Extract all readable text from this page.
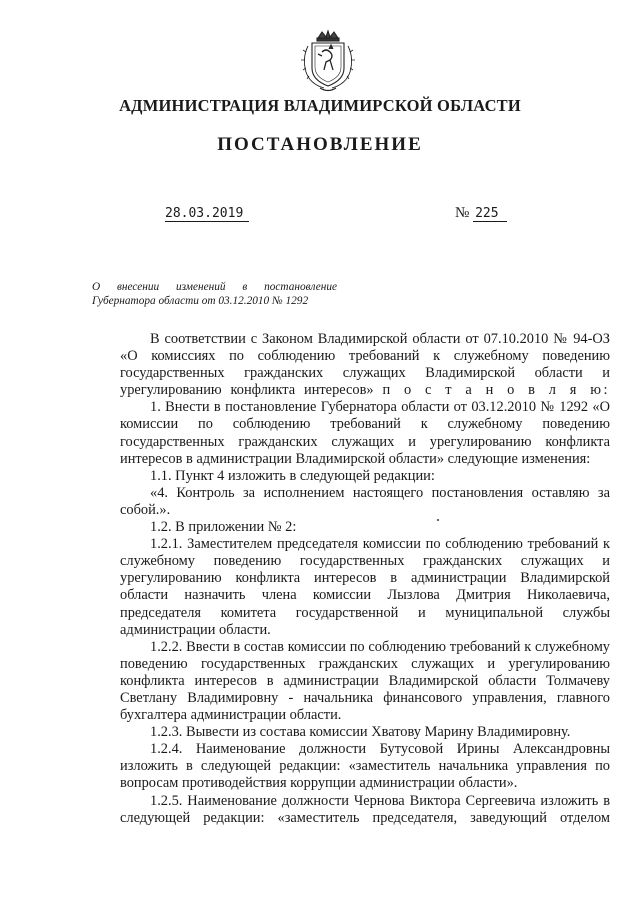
АДМИНИСТРАЦИЯ ВЛАДИМИРСКОЙ ОБЛАСТИ
ПОСТАНОВЛЕНИЕ
28.03.2019	№ 225
О внесении изменений в постановление Губернатора области от 03.12.2010 № 1292

В соответствии с Законом Владимирской области от 07.10.2010 № 94-ОЗ «О комиссиях по соблюдению требований к служебному поведению государственных гражданских служащих Владимирской области и урегулированию конфликта интересов» п о с т а н о в л я ю:

1. Внести в постановление Губернатора области от 03.12.2010 № 1292 «О комиссии по соблюдению требований к служебному поведению государственных гражданских служащих и урегулированию конфликта интересов в администрации Владимирской области» следующие изменения:

1.1. Пункт 4 изложить в следующей редакции:

«4. Контроль за исполнением настоящего постановления оставляю за собой.».

1.2. В приложении № 2:

1.2.1. Заместителем председателя комиссии по соблюдению требований к служебному поведению государственных гражданских служащих и урегулированию конфликта интересов в администрации Владимирской области назначить члена комиссии Лызлова Дмитрия Николаевича, председателя комитета государственной и муниципальной службы администрации области.

1.2.2. Ввести в состав комиссии по соблюдению требований к служебному поведению государственных гражданских служащих и урегулированию конфликта интересов в администрации Владимирской области Толмачеву Светлану Владимировну - начальника финансового управления, главного бухгалтера администрации области.

1.2.3. Вывести из состава комиссии Хватову Марину Владимировну.

1.2.4. Наименование должности Бутусовой Ирины Александровны изложить в следующей редакции: «заместитель начальника управления по вопросам противодействия коррупции администрации области».

1.2.5. Наименование должности Чернова Виктора Сергеевича изложить в следующей редакции: «заместитель председателя, заведующий отделом
